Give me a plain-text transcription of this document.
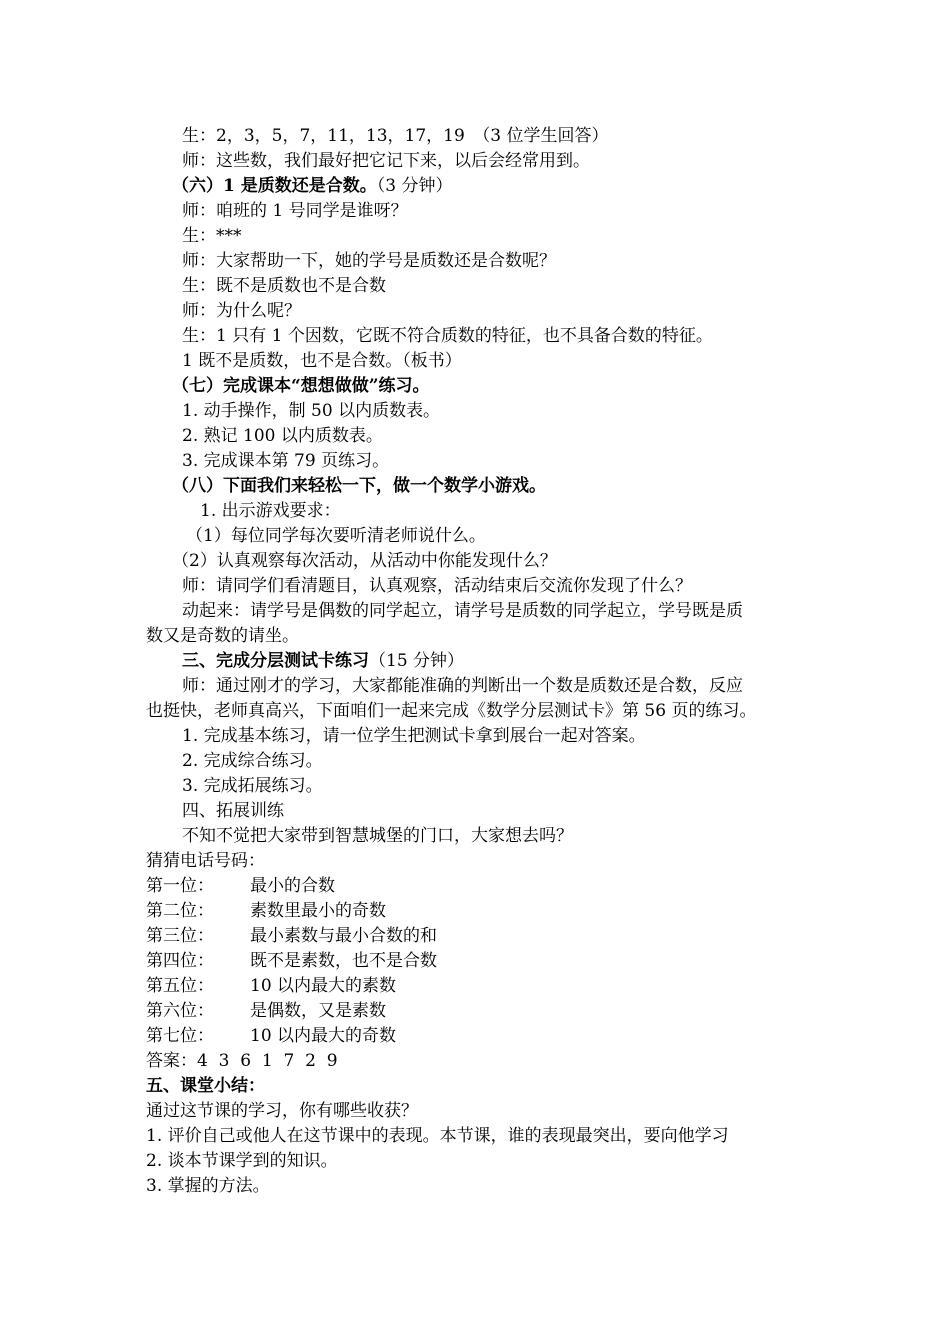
生：2，3，5，7，11，13，17，19　（3 位学生回答）
师：这些数，我们最好把它记下来，以后会经常用到。
（六）1 是质数还是合数。（3 分钟）
师：咱班的 1 号同学是谁呀？
生：***
师：大家帮助一下，她的学号是质数还是合数呢？
生：既不是质数也不是合数
师：为什么呢？
生：1 只有 1 个因数，它既不符合质数的特征，也不具备合数的特征。
1 既不是质数，也不是合数。（板书）
（七）完成课本“想想做做”练习。
1. 动手操作，制 50 以内质数表。
2. 熟记 100 以内质数表。
3. 完成课本第 79 页练习。
（八）下面我们来轻松一下，做一个数学小游戏。
1. 出示游戏要求：
（1）每位同学每次要听清老师说什么。
（2）认真观察每次活动，从活动中你能发现什么？
师：请同学们看清题目，认真观察，活动结束后交流你发现了什么？
动起来：请学号是偶数的同学起立，请学号是质数的同学起立，学号既是质
数又是奇数的请坐。
三、完成分层测试卡练习（15 分钟）
师：通过刚才的学习，大家都能准确的判断出一个数是质数还是合数，反应
也挺快，老师真高兴，下面咱们一起来完成《数学分层测试卡》第 56 页的练习。
1. 完成基本练习，请一位学生把测试卡拿到展台一起对答案。
2. 完成综合练习。
3. 完成拓展练习。
四、拓展训练
不知不觉把大家带到智慧城堡的门口，大家想去吗？
猜猜电话号码：
第一位： 最小的合数
第二位： 素数里最小的奇数
第三位： 最小素数与最小合数的和
第四位： 既不是素数，也不是合数
第五位： 10 以内最大的素数
第六位： 是偶数，又是素数
第七位： 10 以内最大的奇数
答案：4  3  6  1  7  2  9
五、课堂小结：
通过这节课的学习，你有哪些收获？
1. 评价自己或他人在这节课中的表现。本节课，谁的表现最突出，要向他学习
2. 谈本节课学到的知识。
3. 掌握的方法。
